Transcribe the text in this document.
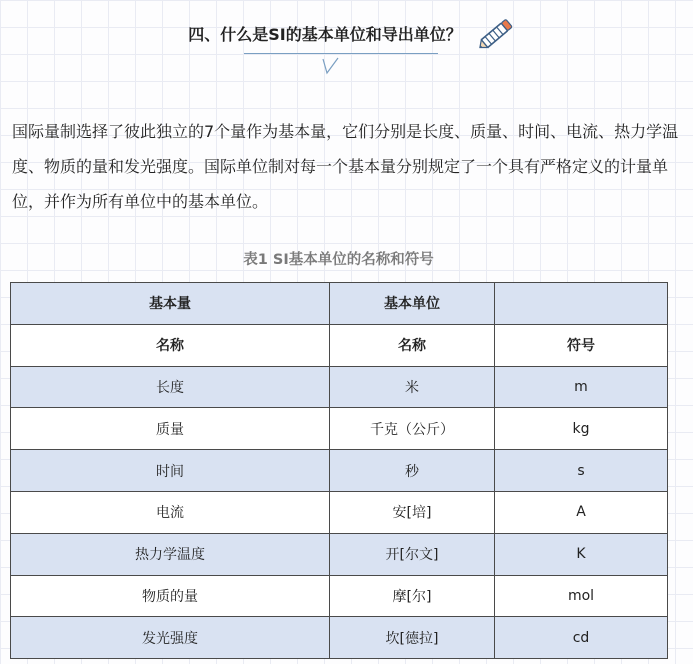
四、什么是SI的基本单位和导出单位？

国际量制选择了彼此独立的7个量作为基本量，它们分别是长度、质量、时间、电流、热力学温度、物质的量和发光强度。国际单位制对每一个基本量分别规定了一个具有严格定义的计量单位，并作为所有单位中的基本单位。

表1 SI基本单位的名称和符号
基本量	基本单位	
名称	名称	符号
长度	米	m
质量	千克（公斤）	kg
时间	秒	s
电流	安[培]	A
热力学温度	开[尔文]	K
物质的量	摩[尔]	mol
发光强度	坎[德拉]	cd
